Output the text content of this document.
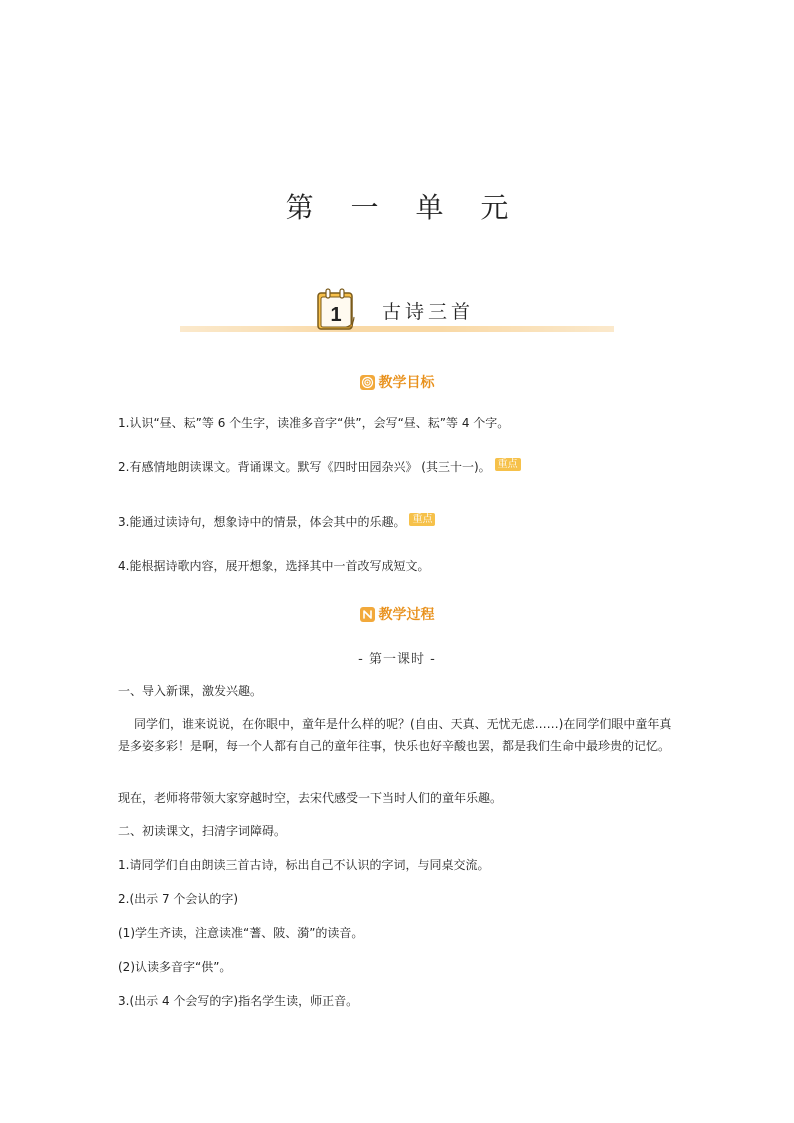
第 一 单 元
1 古诗三首
教学目标
1.认识“昼、耘”等 6 个生字，读准多音字“供”，会写“昼、耘”等 4 个字。
2.有感情地朗读课文。背诵课文。默写《四时田园杂兴》 (其三十一)。 重点
3.能通过读诗句，想象诗中的情景，体会其中的乐趣。 重点
4.能根据诗歌内容，展开想象，选择其中一首改写成短文。
教学过程
- 第一课时 -
一、导入新课，激发兴趣。
同学们，谁来说说，在你眼中，童年是什么样的呢？(自由、天真、无忧无虑……)在同学们眼中童年真是多姿多彩！是啊，每一个人都有自己的童年往事，快乐也好辛酸也罢，都是我们生命中最珍贵的记忆。
现在，老师将带领大家穿越时空，去宋代感受一下当时人们的童年乐趣。
二、初读课文，扫清字词障碍。
1.请同学们自由朗读三首古诗，标出自己不认识的字词，与同桌交流。
2.(出示 7 个会认的字)
(1)学生齐读，注意读准“蓍、陂、漪”的读音。
(2)认读多音字“供”。
3.(出示 4 个会写的字)指名学生读，师正音。
